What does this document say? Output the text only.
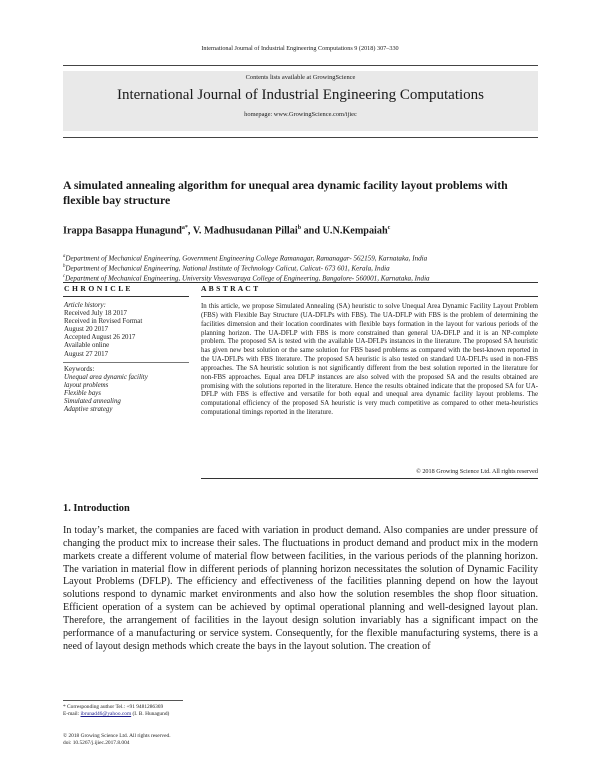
International Journal of Industrial Engineering Computations 9 (2018) 307–330
Contents lists available at GrowingScience
International Journal of Industrial Engineering Computations
homepage: www.GrowingScience.com/ijiec
A simulated annealing algorithm for unequal area dynamic facility layout problems with flexible bay structure
Irappa Basappa Hunagund$^{a*}$, V. Madhusudanan Pillai$^b$ and U.N.Kempaiah$^c$
$^a$Department of Mechanical Engineering, Government Engineering College Ramanagar, Ramanagar- 562159, Karnataka, India
$^b$Department of Mechanical Engineering, National Institute of Technology Calicut, Calicut- 673 601, Kerala, India
$^c$Department of Mechanical Engineering, University Visvesvaraya College of Engineering, Bangalore- 560001, Karnataka, India
C H R O N I C L E	A B S T R A C T
Article history:
Received July 18 2017
Received in Revised Format
August 20 2017
Accepted August 26 2017
Available online
August 27 2017
Keywords:
Unequal area dynamic facility
layout problems
Flexible bays
Simulated annealing
Adaptive strategy
In this article, we propose Simulated Annealing (SA) heuristic to solve Unequal Area Dynamic Facility Layout Problem (FBS) with Flexible Bay Structure (UA-DFLPs with FBS). The UA-DFLP with FBS is the problem of determining the facilities dimension and their location coordinates with flexible bays formation in the layout for various periods of the planning horizon. The UA-DFLP with FBS is more constrained than general UA-DFLP and it is an NP-complete problem. The proposed SA is tested with the available UA-DFLPs instances in the literature. The proposed SA heuristic has given new best solution or the same solution for FBS based problems as compared with the best-known reported in the UA-DFLPs with FBS literature. The proposed SA heuristic is also tested on standard UA-DFLPs used in non-FBS approaches. The SA heuristic solution is not significantly different from the best solution reported in the literature for non-FBS approaches. Equal area DFLP instances are also solved with the proposed SA and the results obtained are promising with the solutions reported in the literature. Hence the results obtained indicate that the proposed SA for UA-DFLP with FBS is effective and versatile for both equal and unequal area dynamic facility layout problems. The computational efficiency of the proposed SA heuristic is very much competitive as compared to other meta-heuristics computational timings reported in the literature.
© 2018 Growing Science Ltd. All rights reserved
1. Introduction
In today’s market, the companies are faced with variation in product demand. Also companies are under pressure of changing the product mix to increase their sales. The fluctuations in product demand and product mix in the modern markets create a different volume of material flow between facilities, in the various periods of the planning horizon. The variation in material flow in different periods of planning horizon necessitates the solution of Dynamic Facility Layout Problems (DFLP). The efficiency and effectiveness of the facilities planning depend on how the layout solutions respond to dynamic market environments and also how the solution resembles the shop floor situation. Efficient operation of a system can be achieved by optimal operational planning and well-designed layout plan. Therefore, the arrangement of facilities in the layout design solution invariably has a significant impact on the performance of a manufacturing or service system. Consequently, for the flexible manufacturing systems, there is a need of layout design methods which create the bays in the layout solution. The creation of
* Corresponding author Tel.: +91 9481286369
E-mail: ibrunad46@yahoo.com (I. B. Hunagund)
© 2018 Growing Science Ltd. All rights reserved.
doi: 10.5267/j.ijiec.2017.8.004
